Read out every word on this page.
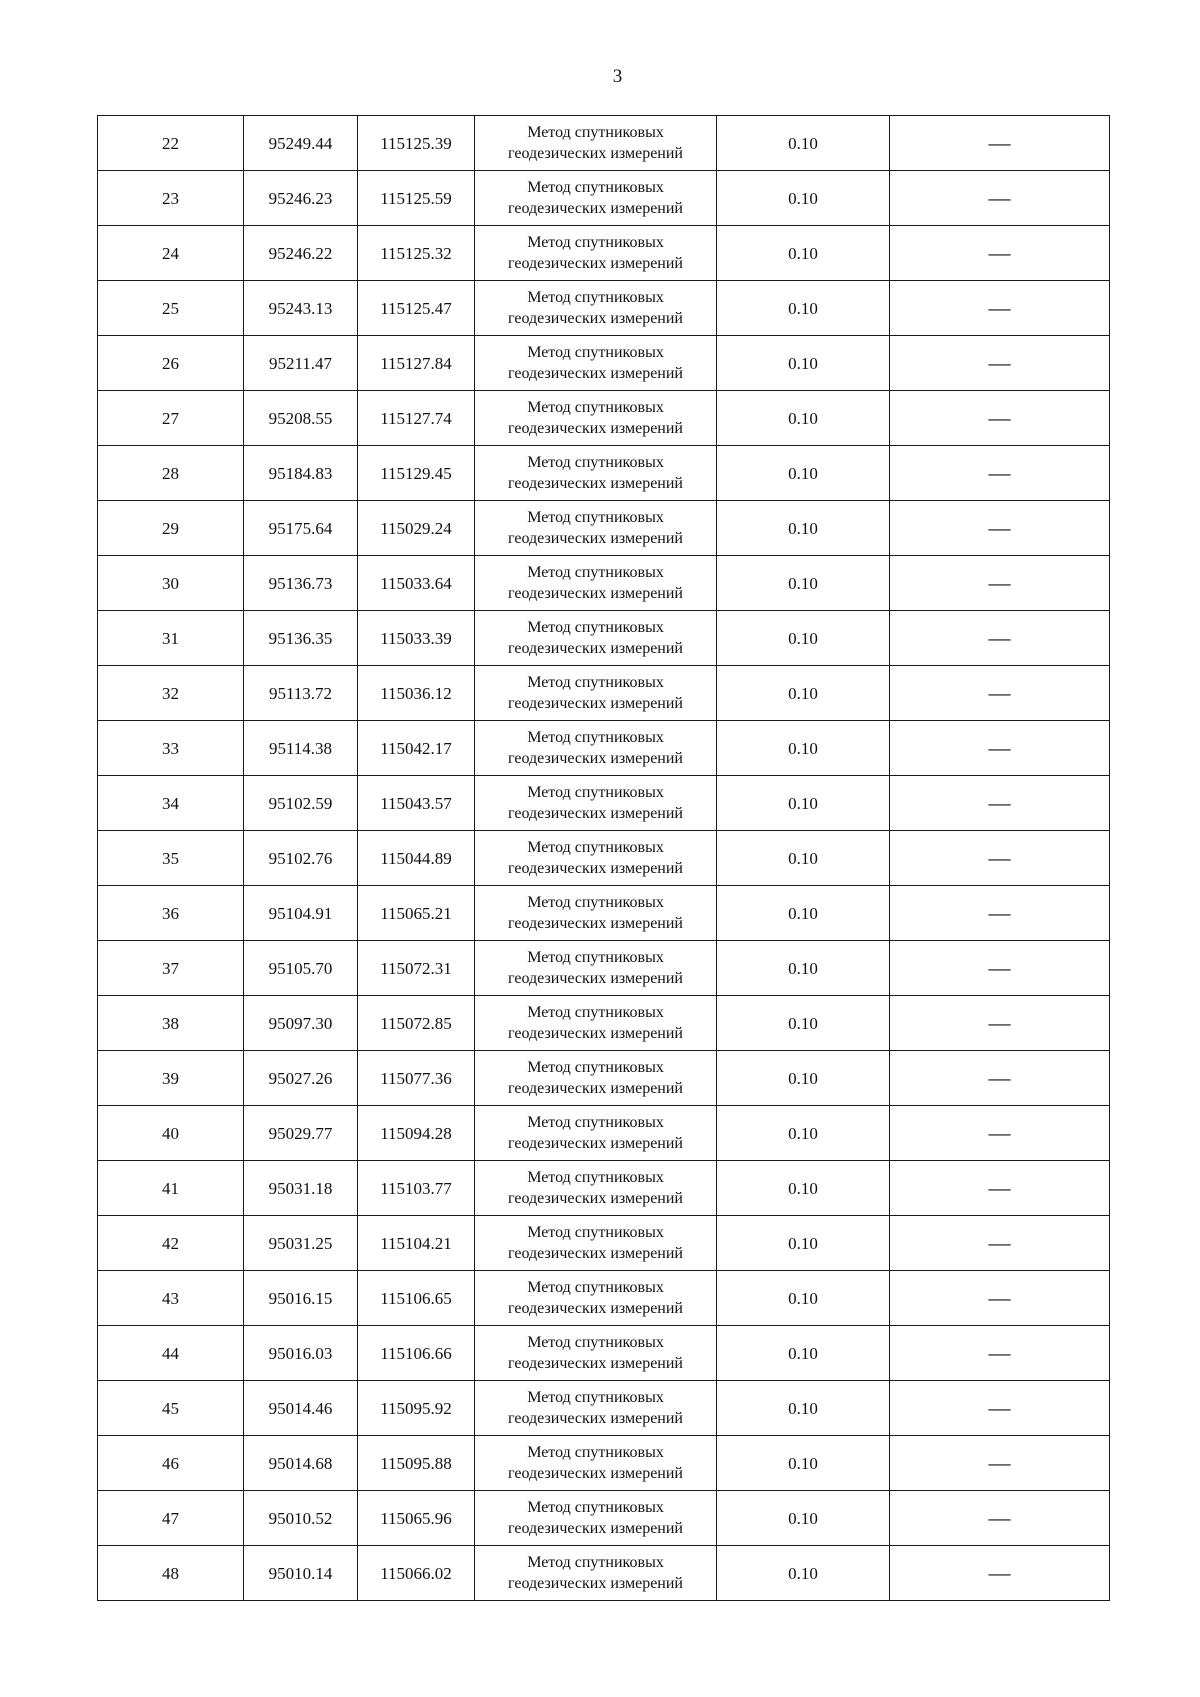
3
22	95249.44	115125.39	Метод спутниковых
геодезических измерений	0.10	—
23	95246.23	115125.59	Метод спутниковых
геодезических измерений	0.10	—
24	95246.22	115125.32	Метод спутниковых
геодезических измерений	0.10	—
25	95243.13	115125.47	Метод спутниковых
геодезических измерений	0.10	—
26	95211.47	115127.84	Метод спутниковых
геодезических измерений	0.10	—
27	95208.55	115127.74	Метод спутниковых
геодезических измерений	0.10	—
28	95184.83	115129.45	Метод спутниковых
геодезических измерений	0.10	—
29	95175.64	115029.24	Метод спутниковых
геодезических измерений	0.10	—
30	95136.73	115033.64	Метод спутниковых
геодезических измерений	0.10	—
31	95136.35	115033.39	Метод спутниковых
геодезических измерений	0.10	—
32	95113.72	115036.12	Метод спутниковых
геодезических измерений	0.10	—
33	95114.38	115042.17	Метод спутниковых
геодезических измерений	0.10	—
34	95102.59	115043.57	Метод спутниковых
геодезических измерений	0.10	—
35	95102.76	115044.89	Метод спутниковых
геодезических измерений	0.10	—
36	95104.91	115065.21	Метод спутниковых
геодезических измерений	0.10	—
37	95105.70	115072.31	Метод спутниковых
геодезических измерений	0.10	—
38	95097.30	115072.85	Метод спутниковых
геодезических измерений	0.10	—
39	95027.26	115077.36	Метод спутниковых
геодезических измерений	0.10	—
40	95029.77	115094.28	Метод спутниковых
геодезических измерений	0.10	—
41	95031.18	115103.77	Метод спутниковых
геодезических измерений	0.10	—
42	95031.25	115104.21	Метод спутниковых
геодезических измерений	0.10	—
43	95016.15	115106.65	Метод спутниковых
геодезических измерений	0.10	—
44	95016.03	115106.66	Метод спутниковых
геодезических измерений	0.10	—
45	95014.46	115095.92	Метод спутниковых
геодезических измерений	0.10	—
46	95014.68	115095.88	Метод спутниковых
геодезических измерений	0.10	—
47	95010.52	115065.96	Метод спутниковых
геодезических измерений	0.10	—
48	95010.14	115066.02	Метод спутниковых
геодезических измерений	0.10	—
